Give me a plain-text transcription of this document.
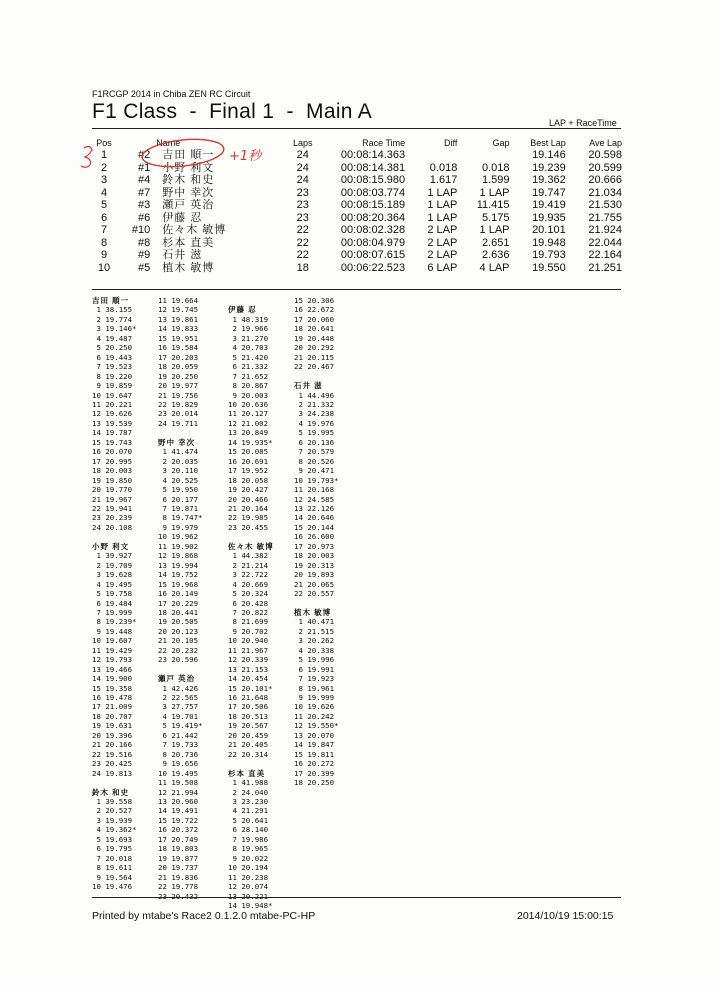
F1RCGP 2014 in Chiba ZEN RC Circuit
F1 Class  -  Final 1  -  Main A	LAP + RaceTime
Pos		Name	Laps	Race Time	Diff	Gap	Best Lap	Ave Lap
1	#2	吉田 順一	24	00:08:14.363			19.146	20.598
2	#1	小野 利文	24	00:08:14.381	0.018	0.018	19.239	20.599
3	#4	鈴木 和史	24	00:08:15.980	1.617	1.599	19.362	20.666
4	#7	野中 幸次	23	00:08:03.774	1 LAP	1 LAP	19.747	21.034
5	#3	瀬戸 英治	23	00:08:15.189	1 LAP	11.415	19.419	21.530
6	#6	伊藤 忍	23	00:08:20.364	1 LAP	5.175	19.935	21.755
7	#10	佐々木 敏博	22	00:08:02.328	2 LAP	1 LAP	20.101	21.924
8	#8	杉本 直美	22	00:08:04.979	2 LAP	2.651	19.948	22.044
9	#9	石井 滋	22	00:08:07.615	2 LAP	2.636	19.793	22.164
10	#5	植木 敏博	18	00:06:22.523	6 LAP	4 LAP	19.550	21.251
吉田 順一
1 38.155
2 19.774
3 19.146*
4 19.487
5 20.250
6 19.443
7 19.523
8 19.220
9 19.859
10 19.647
11 20.221
12 19.626
13 19.539
14 19.787
15 19.743
16 20.070
17 20.995
18 20.003
19 19.850
20 19.770
21 19.967
22 19.941
23 20.239
24 20.108

小野 利文
1 39.927
2 19.709
3 19.628
4 19.495
5 19.758
6 19.484
7 19.999
8 19.239*
9 19.448
10 19.607
11 19.429
12 19.793
13 19.466
14 19.900
15 19.358
16 19.478
17 21.009
18 20.707
19 19.631
20 19.396
21 20.166
22 19.516
23 20.425
24 19.813

鈴木 和史
1 39.558
2 20.527
3 19.939
4 19.362*
5 19.693
6 19.795
7 20.018
8 19.611
9 19.564
10 19.476
11 19.664
12 19.745
13 19.861
14 19.833
15 19.951
16 19.584
17 20.203
18 20.059
19 20.250
20 19.977
21 19.756
22 19.829
23 20.014
24 19.711

野中 幸次
1 41.474
2 20.035
3 20.110
4 20.525
5 19.950
6 20.177
7 19.871
8 19.747*
9 19.979
10 19.962
11 19.902
12 19.868
13 19.994
14 19.752
15 19.968
16 20.149
17 20.229
18 20.441
19 20.505
20 20.123
21 20.105
22 20.232
23 20.596

瀬戸 英治
1 42.426
2 22.565
3 27.757
4 19.701
5 19.419*
6 21.442
7 19.733
8 20.736
9 19.656
10 19.495
11 19.508
12 21.994
13 20.960
14 19.491
15 19.722
16 20.372
17 20.749
18 19.803
19 19.877
20 19.737
21 19.836
22 19.778
23 20.432

伊藤 忍
1 48.319
2 19.966
3 21.270
4 20.703
5 21.420
6 21.332
7 21.652
8 20.867
9 20.003
10 20.636
11 20.127
12 21.002
13 20.849
14 19.935*
15 20.085
16 20.691
17 19.952
18 20.058
19 20.427
20 20.466
21 20.164
22 19.985
23 20.455

佐々木 敏博
1 44.382
2 21.214
3 22.722
4 20.669
5 20.324
6 20.428
7 20.822
8 21.699
9 20.702
10 20.940
11 21.967
12 20.339
13 21.153
14 20.454
15 20.101*
16 21.648
17 20.506
18 20.513
19 20.567
20 20.459
21 20.405
22 20.314

杉本 直美
1 41.988
2 24.040
3 23.230
4 21.291
5 20.641
6 28.140
7 19.986
8 19.965
9 20.022
10 20.194
11 20.238
12 20.074
13 20.221
14 19.948*
15 20.306
16 22.672
17 20.060
18 20.641
19 20.448
20 20.292
21 20.115
22 20.467

石井 滋
1 44.496
2 21.332
3 24.238
4 19.976
5 19.995
6 20.136
7 20.579
8 20.526
9 20.471
10 19.793*
11 20.168
12 24.585
13 22.126
14 20.646
15 20.144
16 26.600
17 20.973
18 20.003
19 20.313
20 19.893
21 20.065
22 20.557

植木 敏博
1 40.471
2 21.515
3 20.262
4 20.338
5 19.996
6 19.991
7 19.923
8 19.961
9 19.999
10 19.626
11 20.242
12 19.550*
13 20.070
14 19.847
15 19.811
16 20.272
17 20.399
18 20.250
Printed by mtabe's Race2 0.1.2.0 mtabe-PC-HP	2014/10/19 15:00:15
+1秒
